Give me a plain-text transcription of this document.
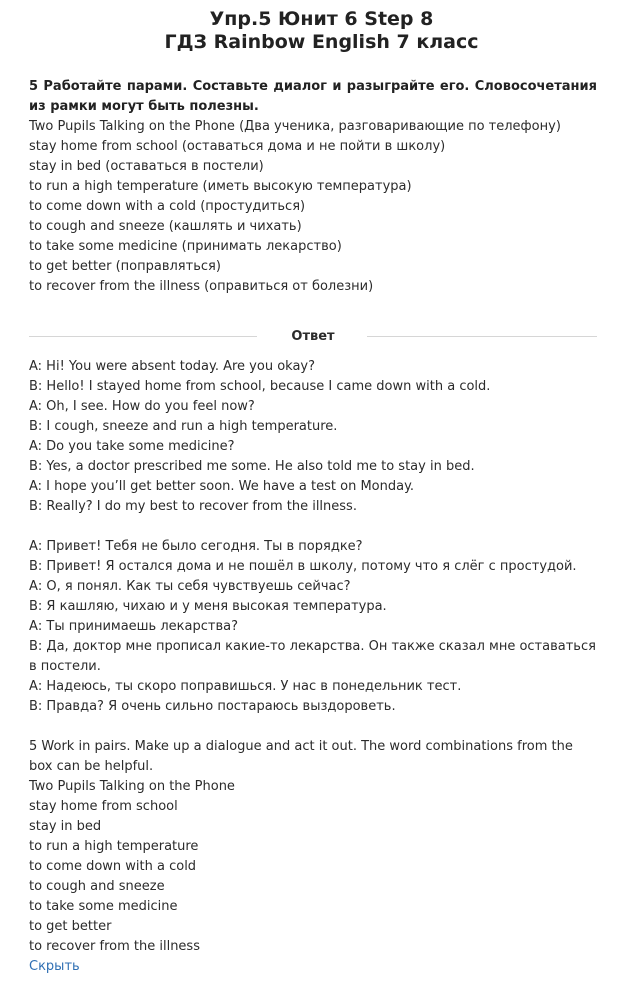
Упр.5 Юнит 6 Step 8
ГДЗ Rainbow English 7 класс

5 Работайте парами. Составьте диалог и разыграйте его. Словосочетания из рамки могут быть полезны.

Two Pupils Talking on the Phone (Два ученика, разговаривающие по телефону)

stay home from school (оставаться дома и не пойти в школу)

stay in bed (оставаться в постели)

to run a high temperature (иметь высокую температура)

to come down with a cold (простудиться)

to cough and sneeze (кашлять и чихать)

to take some medicine (принимать лекарство)

to get better (поправляться)

to recover from the illness (оправиться от болезни)

Ответ

A: Hi! You were absent today. Are you okay?

B: Hello! I stayed home from school, because I came down with a cold.

A: Oh, I see. How do you feel now?

B: I cough, sneeze and run a high temperature.

A: Do you take some medicine?

B: Yes, a doctor prescribed me some. He also told me to stay in bed.

A: I hope you’ll get better soon. We have a test on Monday.

B: Really? I do my best to recover from the illness.

А: Привет! Тебя не было сегодня. Ты в порядке?

В: Привет! Я остался дома и не пошёл в школу, потому что я слёг с простудой.

А: О, я понял. Как ты себя чувствуешь сейчас?

В: Я кашляю, чихаю и у меня высокая температура.

А: Ты принимаешь лекарства?

В: Да, доктор мне прописал какие-то лекарства. Он также сказал мне оставаться в постели.

А: Надеюсь, ты скоро поправишься. У нас в понедельник тест.

В: Правда? Я очень сильно постараюсь выздороветь.

5 Work in pairs. Make up a dialogue and act it out. The word combinations from the box can be helpful.

Two Pupils Talking on the Phone

stay home from school

stay in bed

to run a high temperature

to come down with a cold

to cough and sneeze

to take some medicine

to get better

to recover from the illness

Скрыть
